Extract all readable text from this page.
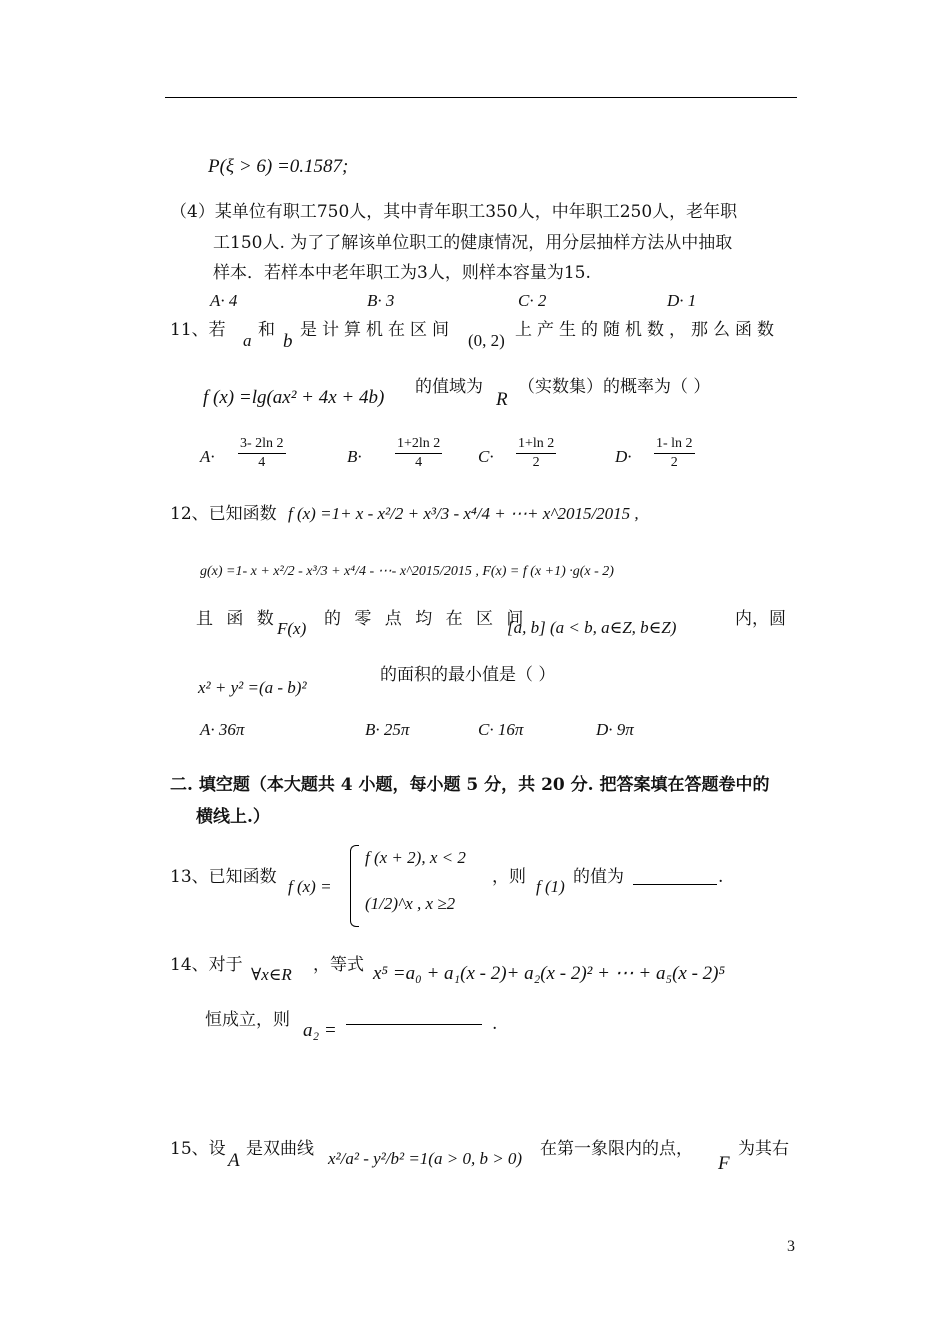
P(ξ > 6) =0.1587;
（4）某单位有职工750人，其中青年职工350人，中年职工250人，老年职
工150人. 为了了解该单位职工的健康情况，用分层抽样方法从中抽取
样本．若样本中老年职工为3人，则样本容量为15.
A· 4	B· 3	C· 2	D· 1
11、若
a
和
b
是计算机在区间
(0, 2)
上产生的随机数，那么函数
f (x) =lg(ax² + 4x + 4b) 的值域为
R
（实数集）的概率为（ ）
$A\cdot \frac{3- 2\ln 2}{4}$	$B\cdot \frac{1+2\ln 2}{4} C\cdot \frac{1+\ln 2}{2}$	$D\cdot \frac{1- \ln 2}{2}$
12、已知函数 f (x) =1+ x - x²/2 + x³/3 - x⁴/4 + ⋯+ x^2015/2015 ,
g(x) =1- x + x²/2 - x³/3 + x⁴/4 - ⋯- x^2015/2015 , F(x) = f (x +1) ·g(x - 2)
且 函 数 F(x) 的 零 点 均 在 区 间
[a, b] (a < b, a∈Z, b∈Z)	内，圆
x² + y² =(a - b)²
的面积的最小值是（ ）
A· 36π	B· 25π	C· 16π	D· 9π
二. 填空题（本大题共 4 小题，每小题 5 分，共 20 分. 把答案填在答题卷中的
横线上.）
13、已知函数 f (x) =
f (x + 2), x < 2
(1/2)^x , x ≥2
，则 f (1) 的值为	.
14、对于 ∀x∈R ，等式 x⁵ =a₀ + a₁(x - 2)+ a₂(x - 2)² + ⋯ + a₅(x - 2)⁵
恒成立，则 a₂ =	.
15、设
A
是双曲线 x²/a² - y²/b² =1(a > 0, b > 0) 在第一象限内的点，
F
为其右
3
